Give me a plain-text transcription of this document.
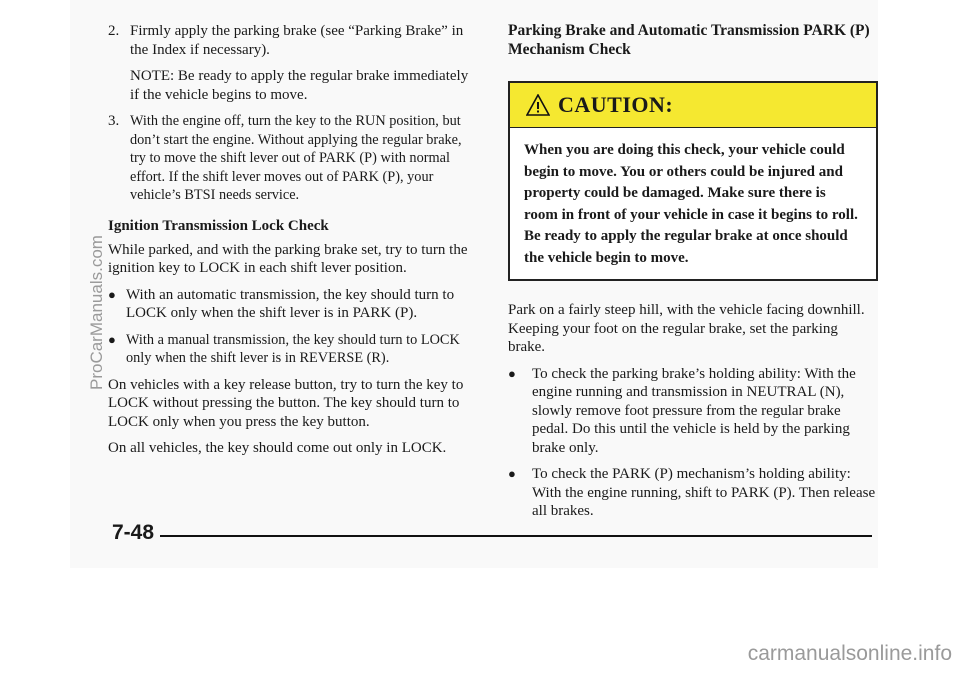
2. Firmly apply the parking brake (see “Parking Brake” in the Index if necessary).

NOTE: Be ready to apply the regular brake immediately if the vehicle begins to move.

3. With the engine off, turn the key to the RUN position, but don’t start the engine. Without applying the regular brake, try to move the shift lever out of PARK (P) with normal effort. If the shift lever moves out of PARK (P), your vehicle’s BTSI needs service.
Ignition Transmission Lock Check

While parked, and with the parking brake set, try to turn the ignition key to LOCK in each shift lever position.

● With an automatic transmission, the key should turn to LOCK only when the shift lever is in PARK (P).
● With a manual transmission, the key should turn to LOCK only when the shift lever is in REVERSE (R).

On vehicles with a key release button, try to turn the key to LOCK without pressing the button. The key should turn to LOCK only when you press the key button.

On all vehicles, the key should come out only in LOCK.

Parking Brake and Automatic Transmission PARK (P) Mechanism Check
CAUTION:
When you are doing this check, your vehicle could begin to move. You or others could be injured and property could be damaged. Make sure there is room in front of your vehicle in case it begins to roll. Be ready to apply the regular brake at once should the vehicle begin to move.

Park on a fairly steep hill, with the vehicle facing downhill. Keeping your foot on the regular brake, set the parking brake.

●	To check the parking brake’s holding ability: With the engine running and transmission in NEUTRAL (N), slowly remove foot pressure from the regular brake pedal. Do this until the vehicle is held by the parking brake only.
●	To check the PARK (P) mechanism’s holding ability: With the engine running, shift to PARK (P). Then release all brakes.
7-48
ProCarManuals.com
carmanualsonline.info
